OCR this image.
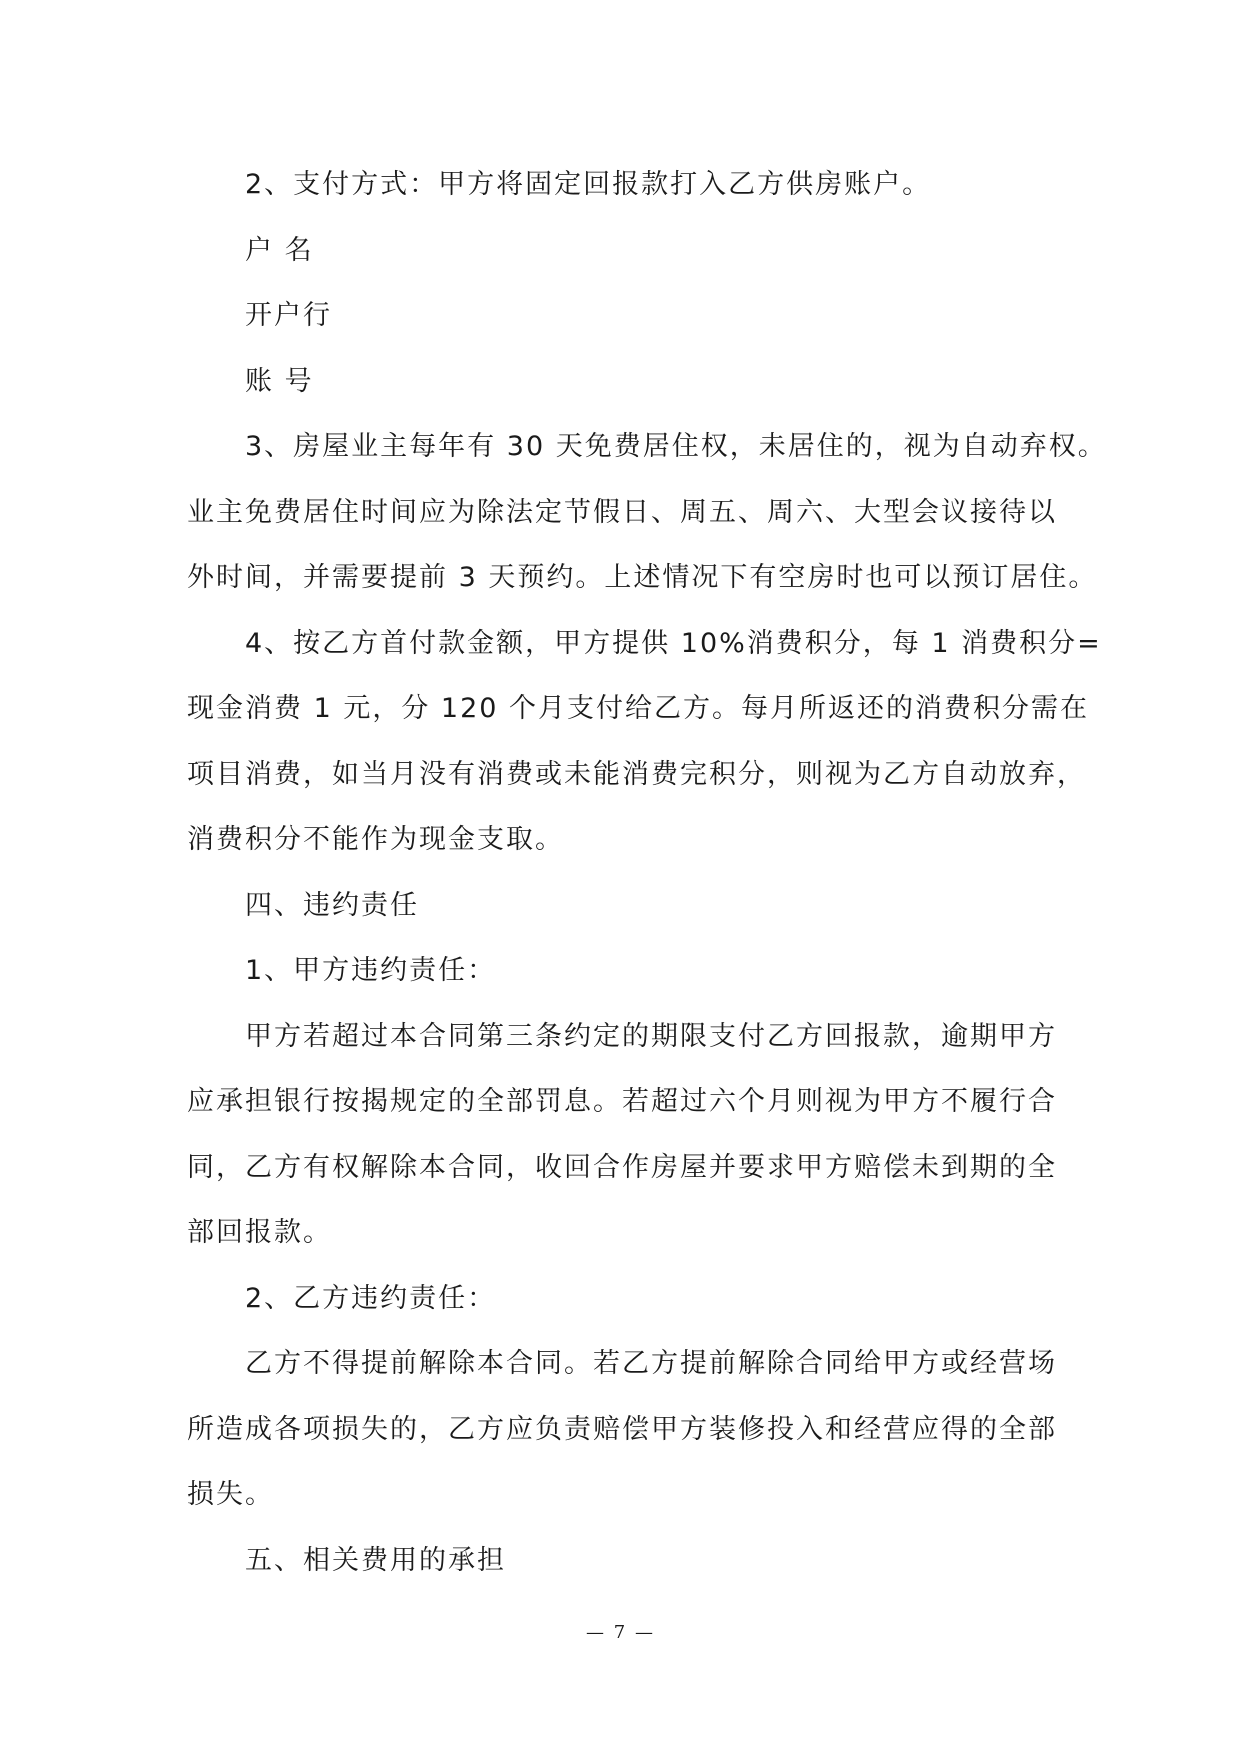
2、支付方式：甲方将固定回报款打入乙方供房账户。

户 名

开户行

账 号

3、房屋业主每年有 30 天免费居住权，未居住的，视为自动弃权。
业主免费居住时间应为除法定节假日、周五、周六、大型会议接待以
外时间，并需要提前 3 天预约。上述情况下有空房时也可以预订居住。

4、按乙方首付款金额，甲方提供 10%消费积分，每 1 消费积分=
现金消费 1 元，分 120 个月支付给乙方。每月所返还的消费积分需在
项目消费，如当月没有消费或未能消费完积分，则视为乙方自动放弃，
消费积分不能作为现金支取。

四、违约责任

1、甲方违约责任：

甲方若超过本合同第三条约定的期限支付乙方回报款，逾期甲方
应承担银行按揭规定的全部罚息。若超过六个月则视为甲方不履行合
同，乙方有权解除本合同，收回合作房屋并要求甲方赔偿未到期的全
部回报款。

2、乙方违约责任：

乙方不得提前解除本合同。若乙方提前解除合同给甲方或经营场
所造成各项损失的，乙方应负责赔偿甲方装修投入和经营应得的全部
损失。

五、相关费用的承担

— 7 —
